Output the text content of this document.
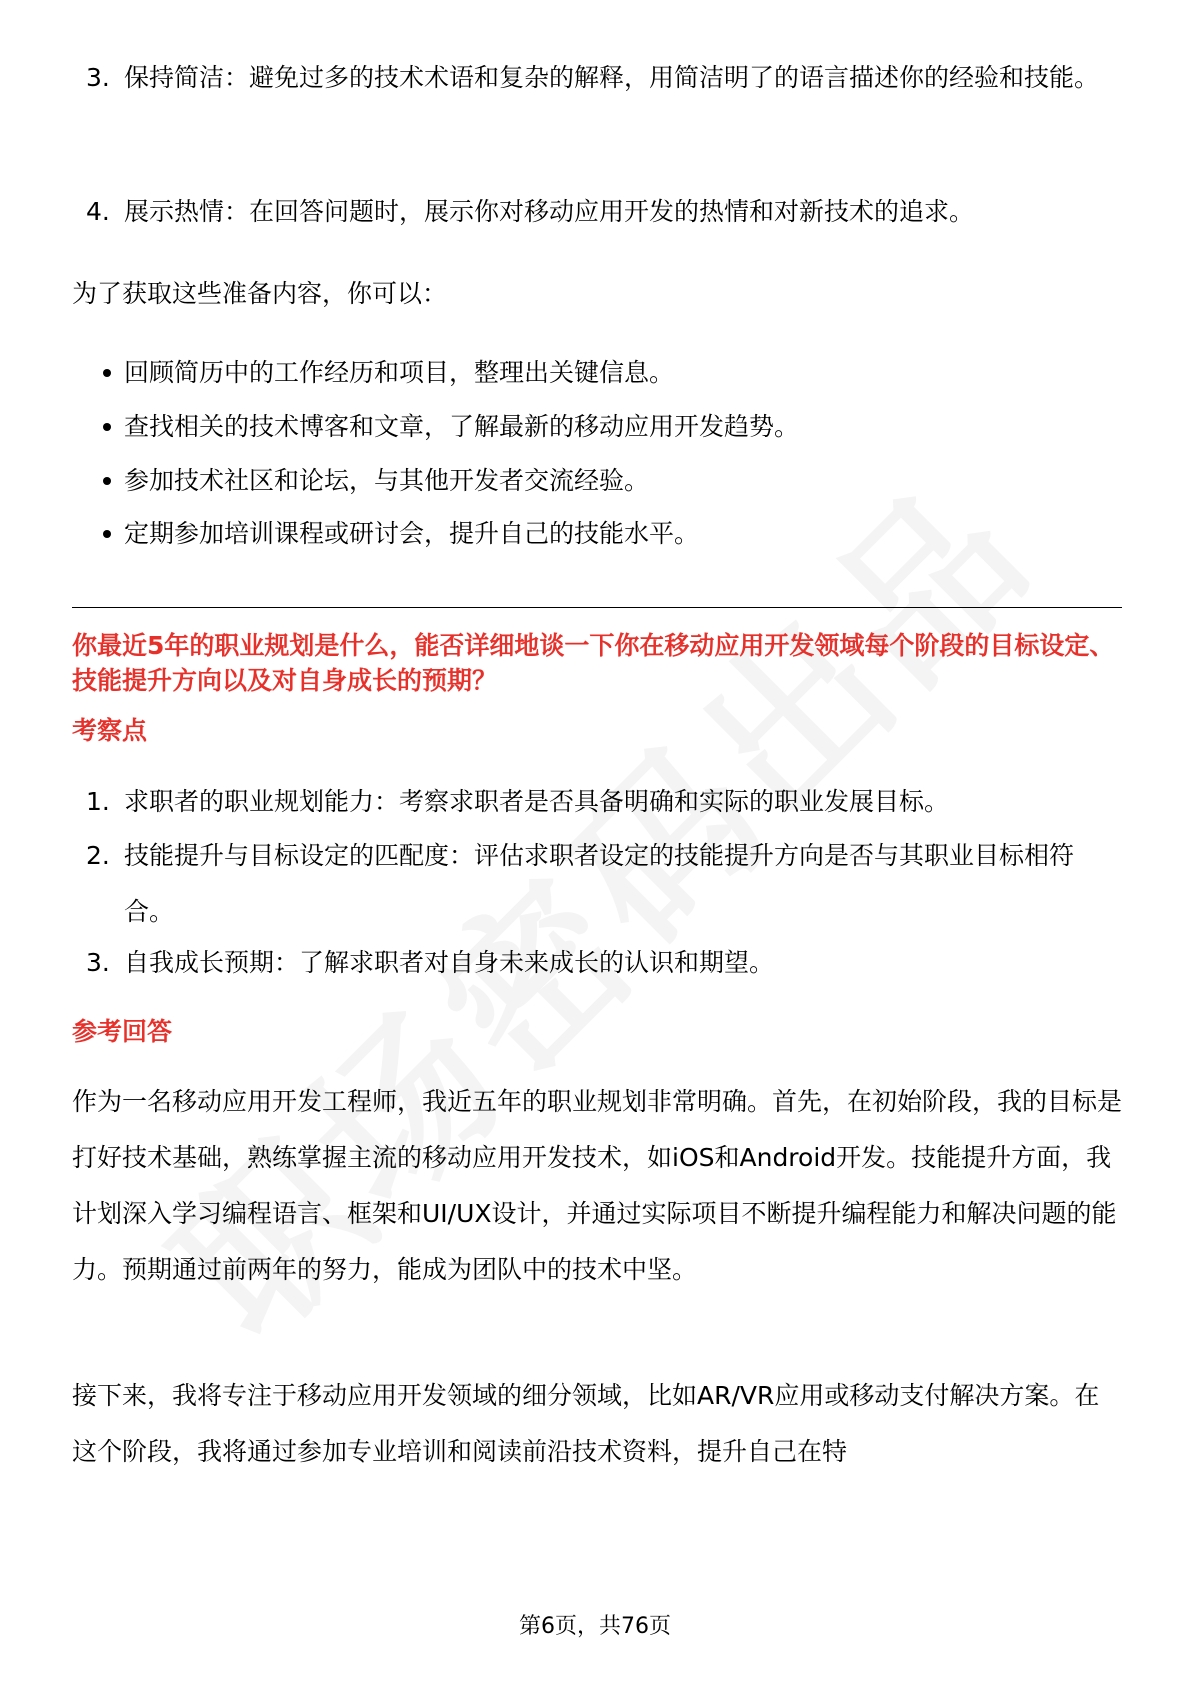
3. 保持简洁：避免过多的技术术语和复杂的解释，用简洁明了的语言描述你的经验和技能。
4. 展示热情：在回答问题时，展示你对移动应用开发的热情和对新技术的追求。
为了获取这些准备内容，你可以：
回顾简历中的工作经历和项目，整理出关键信息。
查找相关的技术博客和文章，了解最新的移动应用开发趋势。
参加技术社区和论坛，与其他开发者交流经验。
定期参加培训课程或研讨会，提升自己的技能水平。
你最近5年的职业规划是什么，能否详细地谈一下你在移动应用开发领域每个阶段的目标设定、技能提升方向以及对自身成长的预期？
考察点
1. 求职者的职业规划能力：考察求职者是否具备明确和实际的职业发展目标。
2. 技能提升与目标设定的匹配度：评估求职者设定的技能提升方向是否与其职业目标相符合。
3. 自我成长预期：了解求职者对自身未来成长的认识和期望。
参考回答
作为一名移动应用开发工程师，我近五年的职业规划非常明确。首先，在初始阶段，我的目标是打好技术基础，熟练掌握主流的移动应用开发技术，如iOS和Android开发。技能提升方面，我计划深入学习编程语言、框架和UI/UX设计，并通过实际项目不断提升编程能力和解决问题的能力。预期通过前两年的努力，能成为团队中的技术中坚。
接下来，我将专注于移动应用开发领域的细分领域，比如AR/VR应用或移动支付解决方案。在这个阶段，我将通过参加专业培训和阅读前沿技术资料，提升自己在特
第6页，共76页
